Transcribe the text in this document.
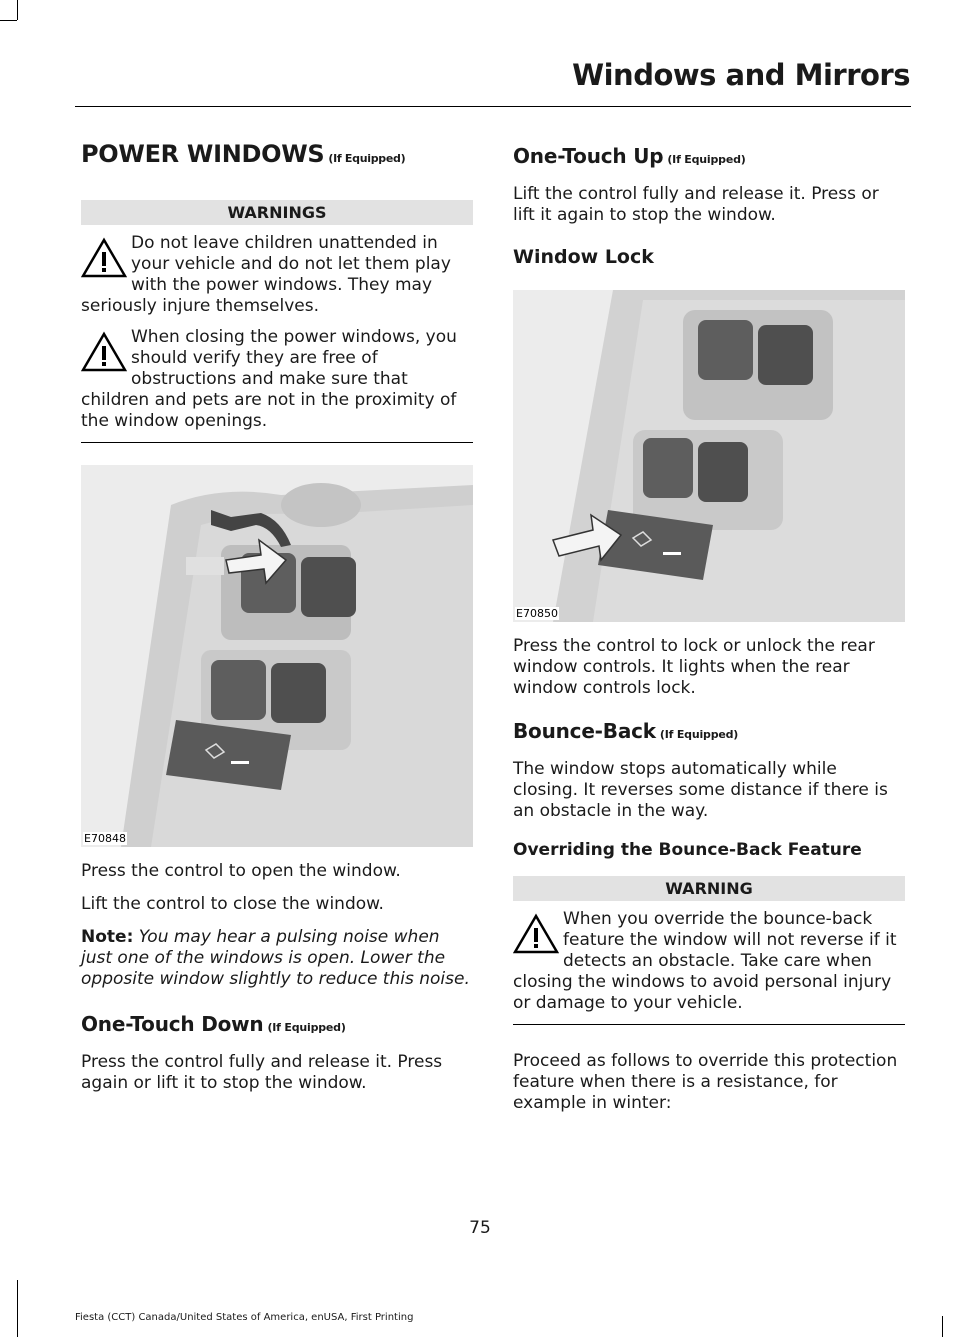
Windows and Mirrors
POWER WINDOWS (If Equipped)
WARNINGS
Do not leave children unattended in your vehicle and do not let them play with the power windows. They may seriously injure themselves.
When closing the power windows, you should verify they are free of obstructions and make sure that children and pets are not in the proximity of the window openings.
E70848

Press the control to open the window.

Lift the control to close the window.

Note: You may hear a pulsing noise when just one of the windows is open. Lower the opposite window slightly to reduce this noise.

One-Touch Down (If Equipped)

Press the control fully and release it. Press again or lift it to stop the window.

One-Touch Up (If Equipped)

Lift the control fully and release it. Press or lift it again to stop the window.

Window Lock
E70850

Press the control to lock or unlock the rear window controls. It lights when the rear window controls lock.

Bounce-Back (If Equipped)

The window stops automatically while closing. It reverses some distance if there is an obstacle in the way.

Overriding the Bounce-Back Feature
WARNING
When you override the bounce-back feature the window will not reverse if it detects an obstacle. Take care when closing the windows to avoid personal injury or damage to your vehicle.

Proceed as follows to override this protection feature when there is a resistance, for example in winter:

75
Fiesta (CCT) Canada/United States of America, enUSA, First Printing
